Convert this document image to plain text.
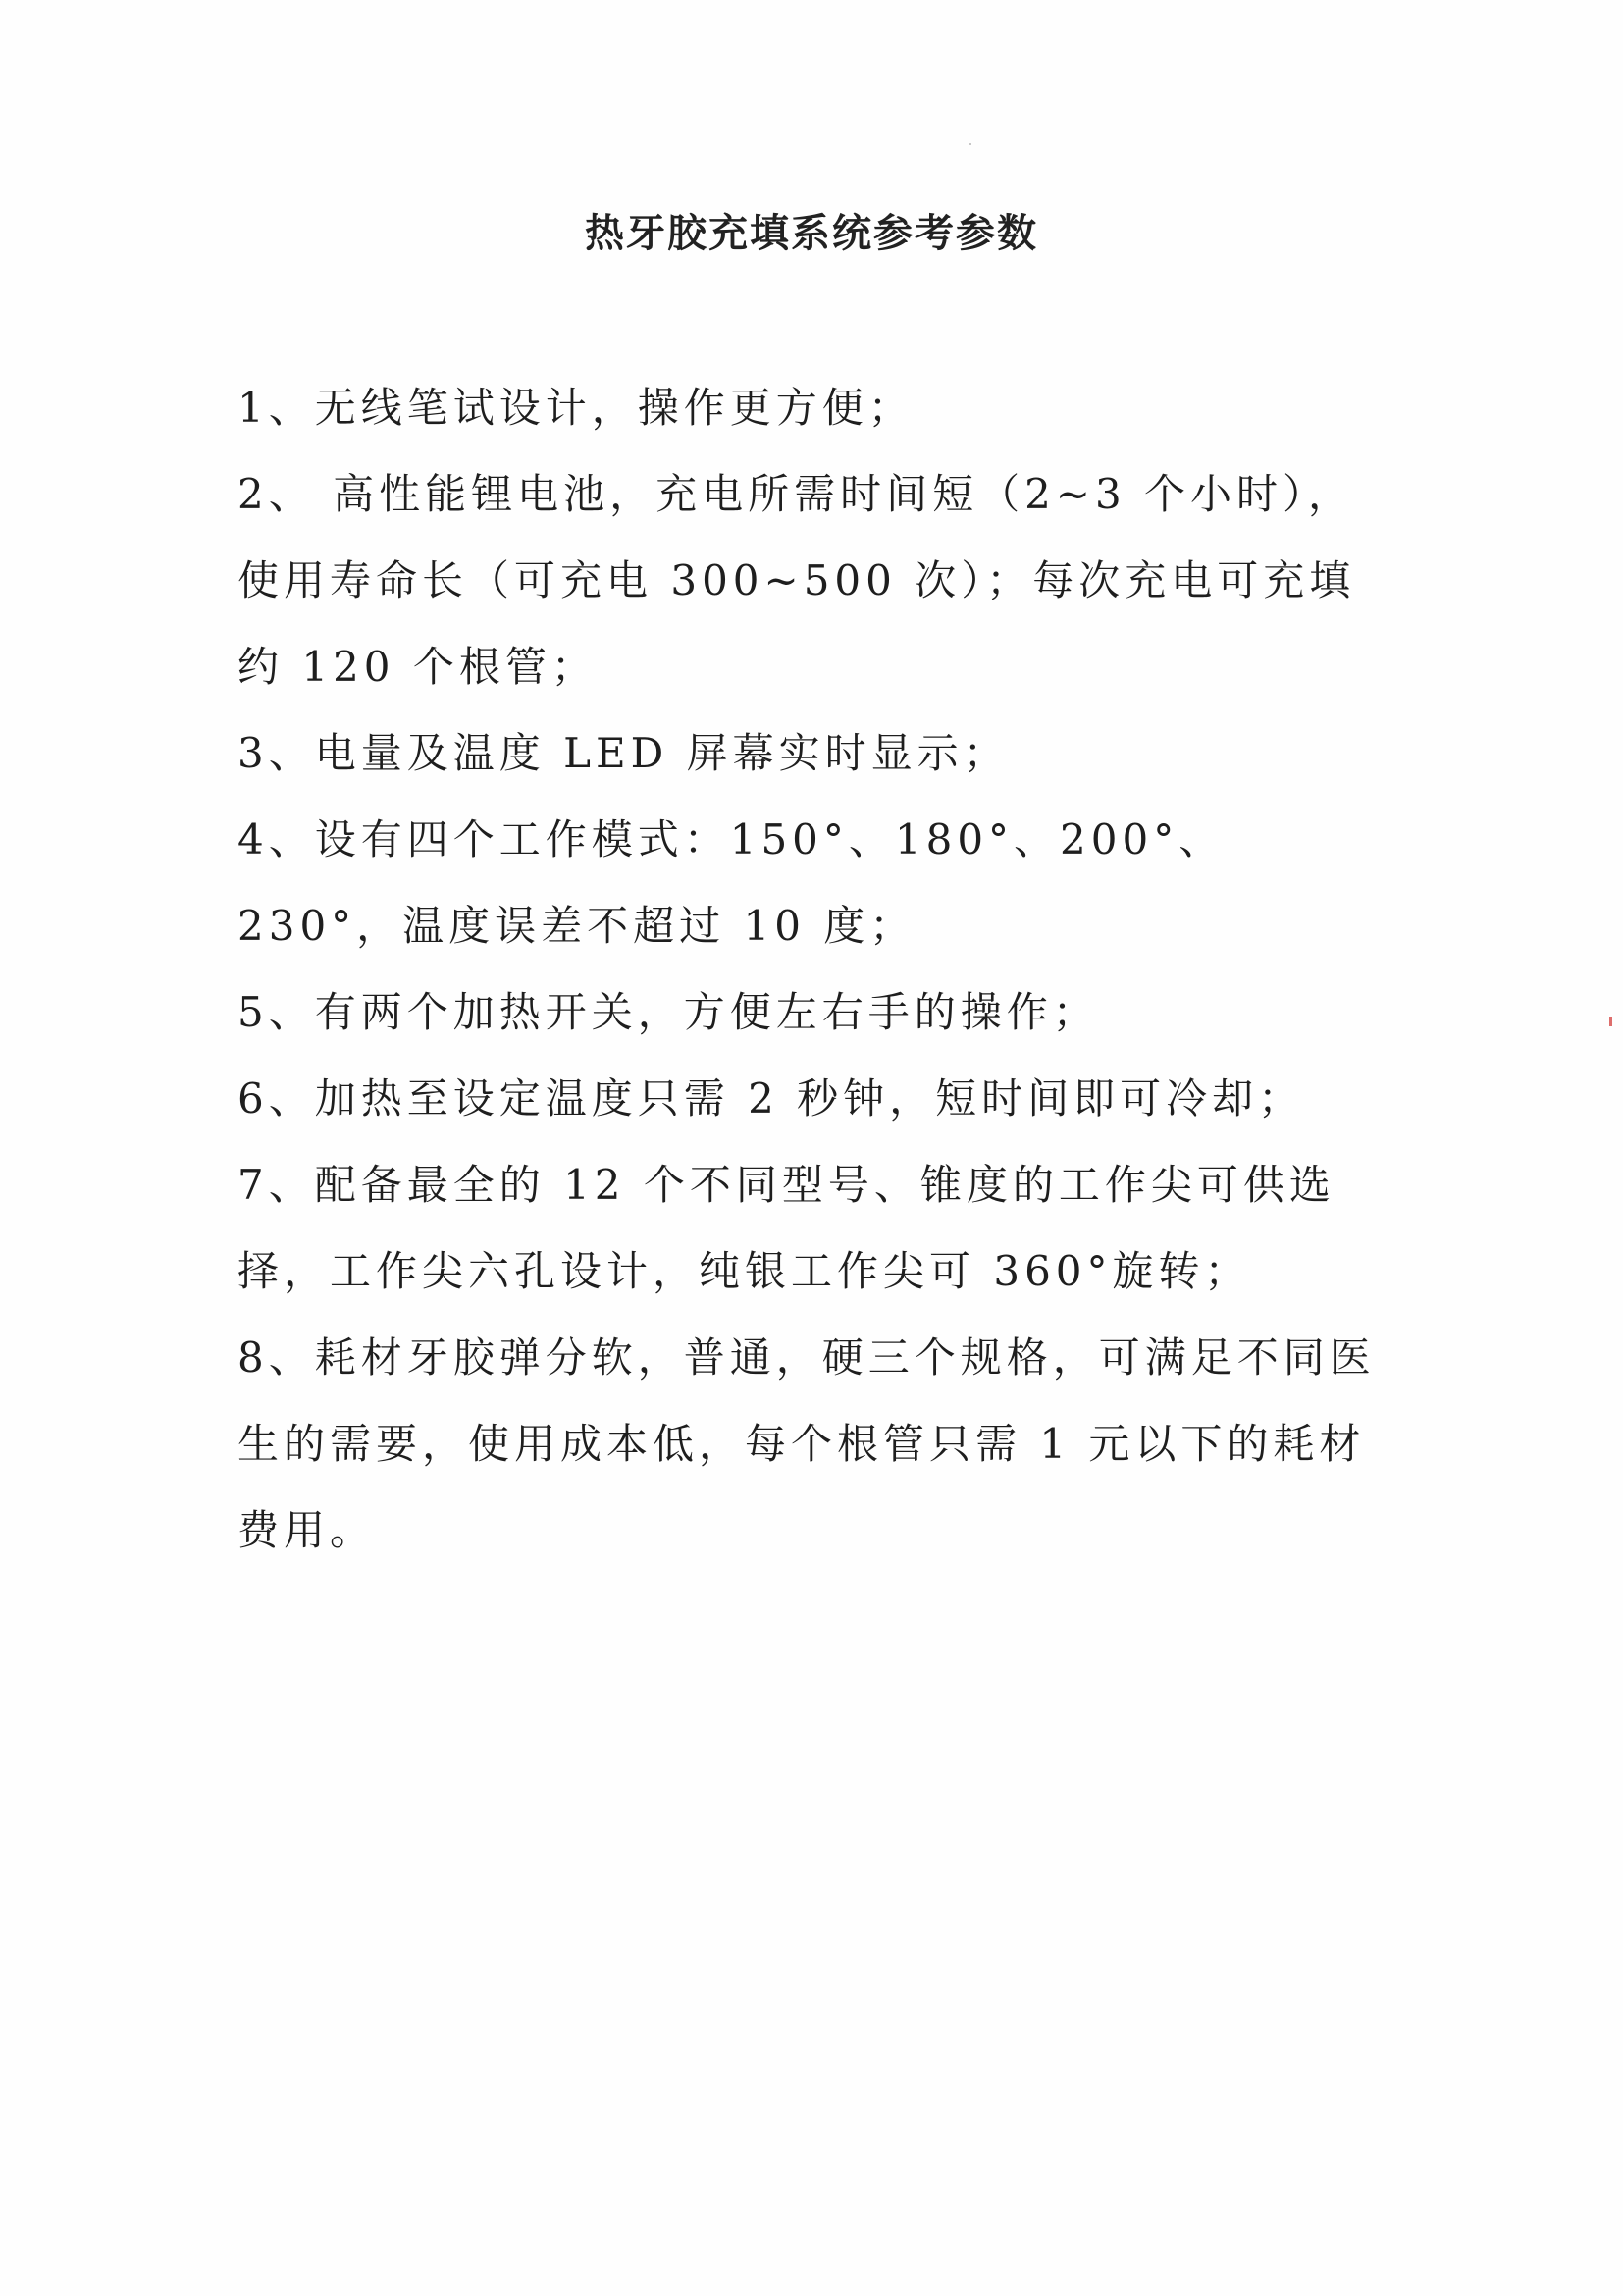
热牙胶充填系统参考参数

1、无线笔试设计，操作更方便；

2、 高性能锂电池，充电所需时间短（2~3 个小时），使用寿命长（可充电 300~500 次）；每次充电可充填约 120 个根管；

3、电量及温度 LED 屏幕实时显示；

4、设有四个工作模式：150°、180°、200°、230°，温度误差不超过 10 度；

5、有两个加热开关，方便左右手的操作；

6、加热至设定温度只需 2 秒钟，短时间即可冷却；

7、配备最全的 12 个不同型号、锥度的工作尖可供选择，工作尖六孔设计，纯银工作尖可 360°旋转；

8、耗材牙胶弹分软，普通，硬三个规格，可满足不同医生的需要，使用成本低，每个根管只需 1 元以下的耗材费用。
